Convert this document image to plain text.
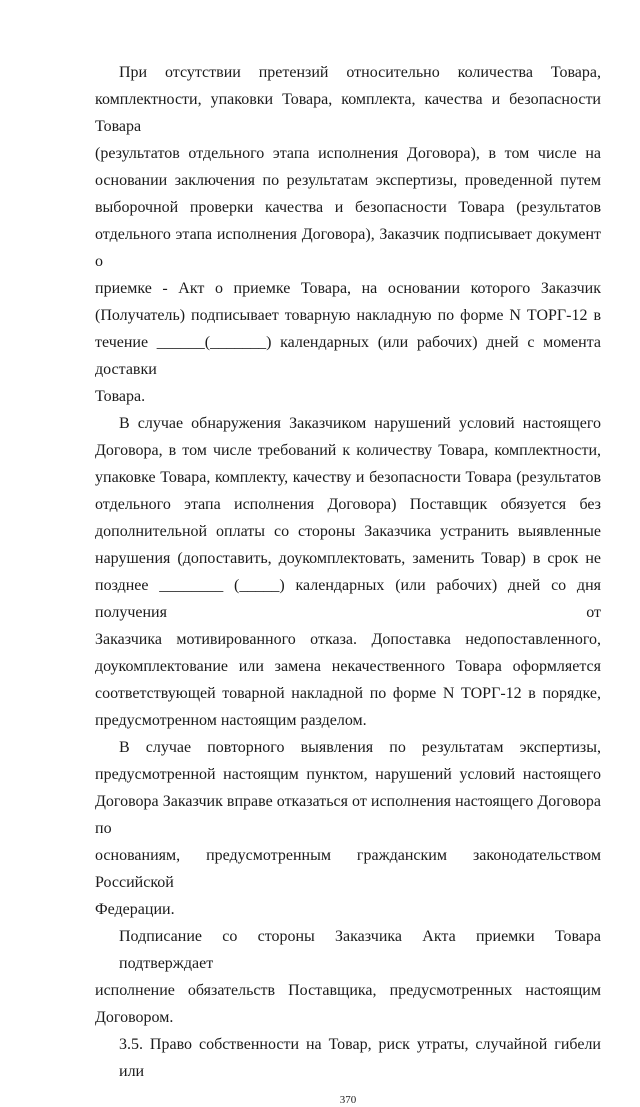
При отсутствии претензий относительно количества Товара,
комплектности, упаковки Товара, комплекта, качества и безопасности Товара
(результатов отдельного этапа исполнения Договора), в том числе на
основании заключения по результатам экспертизы, проведенной путем
выборочной проверки качества и безопасности Товара (результатов
отдельного этапа исполнения Договора), Заказчик подписывает документ о
приемке - Акт о приемке Товара, на основании которого Заказчик
(Получатель) подписывает товарную накладную по форме N ТОРГ-12 в
течение ______(_______) календарных (или рабочих) дней с момента доставки
Товара.
В случае обнаружения Заказчиком нарушений условий настоящего
Договора, в том числе требований к количеству Товара, комплектности,
упаковке Товара, комплекту, качеству и безопасности Товара (результатов
отдельного этапа исполнения Договора) Поставщик обязуется без
дополнительной оплаты со стороны Заказчика устранить выявленные
нарушения (допоставить, доукомплектовать, заменить Товар) в срок не
позднее ________ (_____) календарных (или рабочих) дней со дня получения от
Заказчика мотивированного отказа. Допоставка недопоставленного,
доукомплектование или замена некачественного Товара оформляется
соответствующей товарной накладной по форме N ТОРГ-12 в порядке,
предусмотренном настоящим разделом.
В случае повторного выявления по результатам экспертизы,
предусмотренной настоящим пунктом, нарушений условий настоящего
Договора Заказчик вправе отказаться от исполнения настоящего Договора по
основаниям, предусмотренным гражданским законодательством Российской
Федерации.
Подписание со стороны Заказчика Акта приемки Товара подтверждает
исполнение обязательств Поставщика, предусмотренных настоящим
Договором.
3.5. Право собственности на Товар, риск утраты, случайной гибели или
370
